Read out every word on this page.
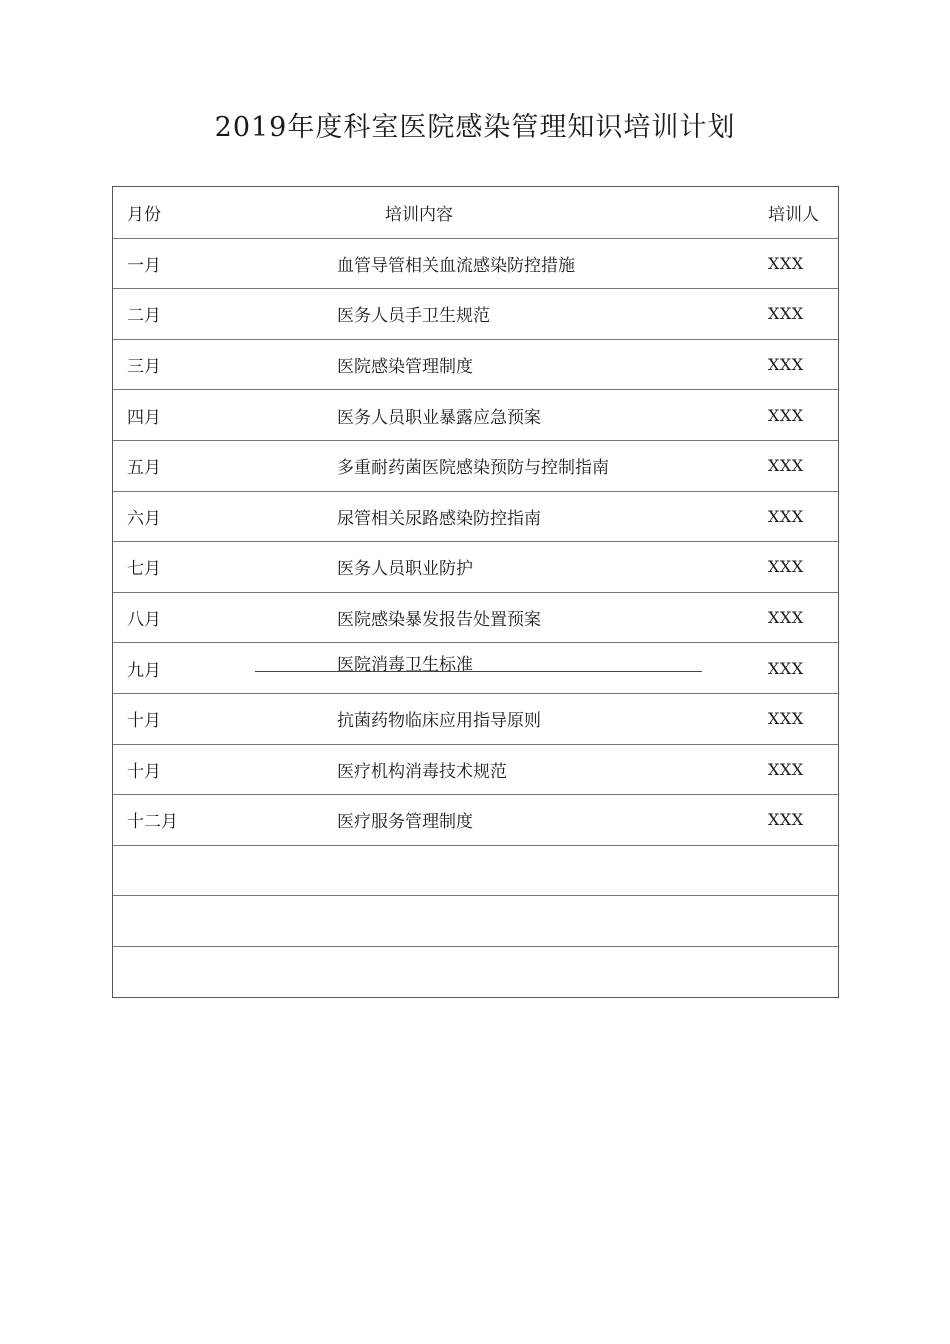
2019年度科室医院感染管理知识培训计划
月份	培训内容	培训人
一月	血管导管相关血流感染防控措施	XXX
二月	医务人员手卫生规范	XXX
三月	医院感染管理制度	XXX
四月	医务人员职业暴露应急预案	XXX
五月	多重耐药菌医院感染预防与控制指南	XXX
六月	尿管相关尿路感染防控指南	XXX
七月	医务人员职业防护	XXX
八月	医院感染暴发报告处置预案	XXX
九月	医院消毒卫生标准	XXX
十月	抗菌药物临床应用指导原则	XXX
十月	医疗机构消毒技术规范	XXX
十二月	医疗服务管理制度	XXX
